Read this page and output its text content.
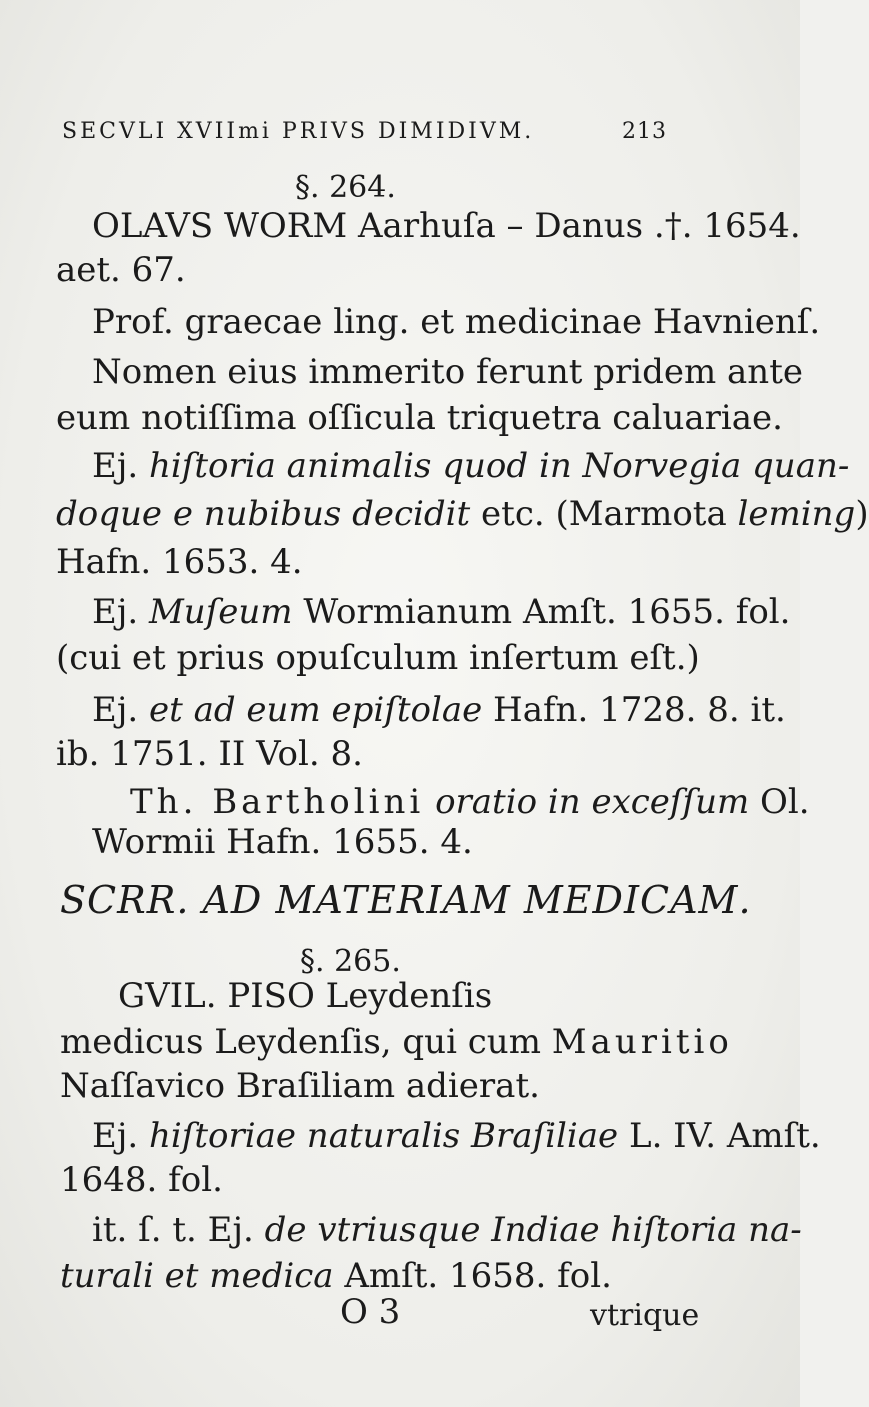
SECVLI XVIImi PRIVS DIMIDIVM.	213
§. 264.
OLAVS WORM Aarhuſa – Danus .†. 1654.
aet. 67.
Prof. graecae ling. et medicinae Havnienſ.
Nomen eius immerito ferunt pridem ante
eum notiſſima oſſicula triquetra caluariae.
Ej. hiſtoria animalis quod in Norvegia quan-
doque e nubibus decidit etc. (Marmota leming)
Hafn. 1653. 4.
Ej. Muſeum Wormianum Amſt. 1655. fol.
(cui et prius opuſculum inſertum eſt.)
Ej. et ad eum epiſtolae Hafn. 1728. 8. it.
ib. 1751. II Vol. 8.
Th. Bartholini oratio in exceſſum Ol.
Wormii Hafn. 1655. 4.
SCRR. AD MATERIAM MEDICAM.
§. 265.
GVIL. PISO Leydenſis
medicus Leydenſis, qui cum Mauritio
Naſſavico Braſiliam adierat.
Ej. hiſtoriae naturalis Braſiliae L. IV. Amſt.
1648. fol.
it. ſ. t. Ej. de vtriusque Indiae hiſtoria na-
turali et medica Amſt. 1658. fol.
O 3	vtrique
